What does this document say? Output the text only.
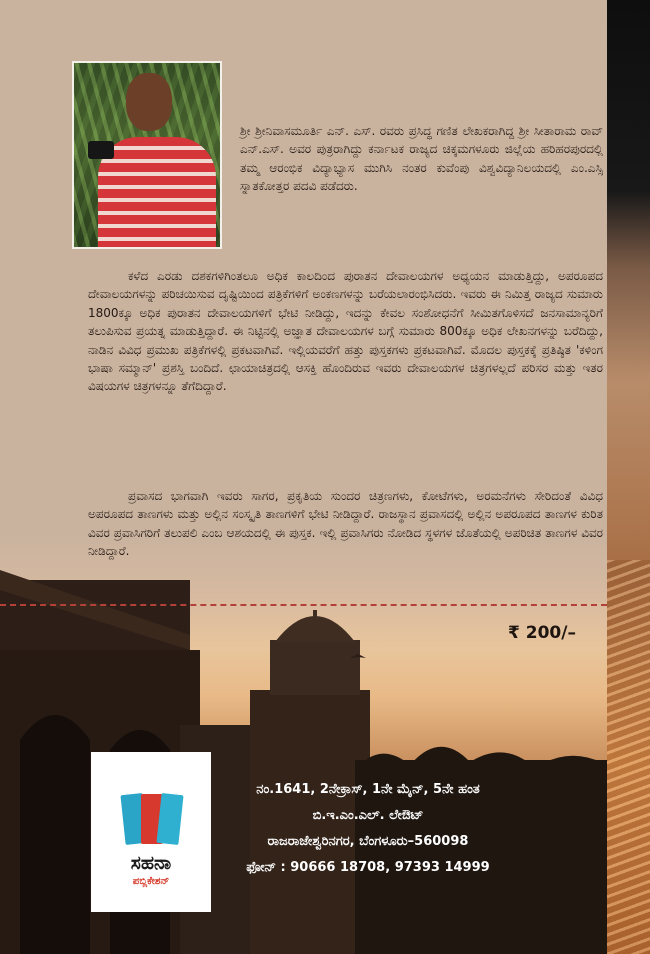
ಶ್ರೀ ಶ್ರೀನಿವಾಸಮೂರ್ತಿ ಎನ್. ಎಸ್. ರವರು ಪ್ರಸಿದ್ಧ ಗಣಿತ ಲೇಖಕರಾಗಿದ್ದ ಶ್ರೀ ಸೀತಾರಾಮ ರಾವ್ ಎನ್.ಎಸ್. ಅವರ ಪುತ್ರರಾಗಿದ್ದು ಕರ್ನಾಟಕ ರಾಜ್ಯದ ಚಿಕ್ಕಮಗಳೂರು ಜಿಲ್ಲೆಯ ಹರಿಹರಪುರದಲ್ಲಿ ತಮ್ಮ ಆರಂಭಿಕ ವಿದ್ಯಾಭ್ಯಾಸ ಮುಗಿಸಿ ನಂತರ ಕುವೆಂಪು ವಿಶ್ವವಿದ್ಯಾನಿಲಯದಲ್ಲಿ ಎಂ.ಎಸ್ಸಿ ಸ್ನಾತಕೋತ್ತರ ಪದವಿ ಪಡೆದರು.
ಕಳೆದ ಎರಡು ದಶಕಗಳಿಗಿಂತಲೂ ಅಧಿಕ ಕಾಲದಿಂದ ಪುರಾತನ ದೇವಾಲಯಗಳ ಅಧ್ಯಯನ ಮಾಡುತ್ತಿದ್ದು, ಅಪರೂಪದ ದೇವಾಲಯಗಳನ್ನು ಪರಿಚಯಿಸುವ ದೃಷ್ಟಿಯಿಂದ ಪತ್ರಿಕೆಗಳಿಗೆ ಅಂಕಣಗಳನ್ನು ಬರೆಯಲಾರಂಭಿಸಿದರು. ಇವರು ಈ ನಿಮಿತ್ತ ರಾಜ್ಯದ ಸುಮಾರು 1800ಕ್ಕೂ ಅಧಿಕ ಪುರಾತನ ದೇವಾಲಯಗಳಿಗೆ ಭೇಟಿ ನೀಡಿದ್ದು, ಇದನ್ನು ಕೇವಲ ಸಂಶೋಧನೆಗೆ ಸೀಮಿತಗೊಳಿಸದೆ ಜನಸಾಮಾನ್ಯರಿಗೆ ತಲುಪಿಸುವ ಪ್ರಯತ್ನ ಮಾಡುತ್ತಿದ್ದಾರೆ. ಈ ನಿಟ್ಟಿನಲ್ಲಿ ಅಜ್ಞಾತ ದೇವಾಲಯಗಳ ಬಗ್ಗೆ ಸುಮಾರು 800ಕ್ಕೂ ಅಧಿಕ ಲೇಖನಗಳನ್ನು ಬರೆದಿದ್ದು, ನಾಡಿನ ವಿವಿಧ ಪ್ರಮುಖ ಪತ್ರಿಕೆಗಳಲ್ಲಿ ಪ್ರಕಟವಾಗಿವೆ. ಇಲ್ಲಿಯವರೆಗೆ ಹತ್ತು ಪುಸ್ತಕಗಳು ಪ್ರಕಟವಾಗಿವೆ. ಮೊದಲ ಪುಸ್ತಕಕ್ಕೆ ಪ್ರತಿಷ್ಠಿತ 'ಕಳಿಂಗ ಭಾಷಾ ಸಮ್ಮಾನ್' ಪ್ರಶಸ್ತಿ ಬಂದಿದೆ. ಛಾಯಾಚಿತ್ರದಲ್ಲಿ ಆಸಕ್ತಿ ಹೊಂದಿರುವ ಇವರು ದೇವಾಲಯಗಳ ಚಿತ್ರಗಳಲ್ಲದೆ ಪರಿಸರ ಮತ್ತು ಇತರ ವಿಷಯಗಳ ಚಿತ್ರಗಳನ್ನೂ ತೆಗೆದಿದ್ದಾರೆ.
ಪ್ರವಾಸದ ಭಾಗವಾಗಿ ಇವರು ಸಾಗರ, ಪ್ರಕೃತಿಯ ಸುಂದರ ಚಿತ್ರಣಗಳು, ಕೋಟೆಗಳು, ಅರಮನೆಗಳು ಸೇರಿದಂತೆ ವಿವಿಧ ಅಪರೂಪದ ತಾಣಗಳು ಮತ್ತು ಅಲ್ಲಿನ ಸಂಸ್ಕೃತಿ ತಾಣಗಳಿಗೆ ಭೇಟಿ ನೀಡಿದ್ದಾರೆ. ರಾಜಸ್ಥಾನ ಪ್ರವಾಸದಲ್ಲಿ ಅಲ್ಲಿನ ಅಪರೂಪದ ತಾಣಗಳ ಕುರಿತ ವಿವರ ಪ್ರವಾಸಿಗರಿಗೆ ತಲುಪಲಿ ಎಂಬ ಆಶಯದಲ್ಲಿ ಈ ಪುಸ್ತಕ. ಇಲ್ಲಿ ಪ್ರವಾಸಿಗರು ನೋಡಿದ ಸ್ಥಳಗಳ ಜೊತೆಯಲ್ಲಿ ಅಪರಿಚಿತ ತಾಣಗಳ ವಿವರ ನೀಡಿದ್ದಾರೆ.
₹ 200/–
ಸಹನಾ
ಪಬ್ಲಿಕೇಶನ್
ನಂ.1641, 2ನೇಕ್ರಾಸ್, 1ನೇ ಮೈನ್, 5ನೇ ಹಂತ
ಬಿ.ಇ.ಎಂ.ಎಲ್. ಲೇಔಟ್
ರಾಜರಾಜೇಶ್ವರಿನಗರ, ಬೆಂಗಳೂರು–560098
ಫೋನ್ : 90666 18708, 97393 14999
